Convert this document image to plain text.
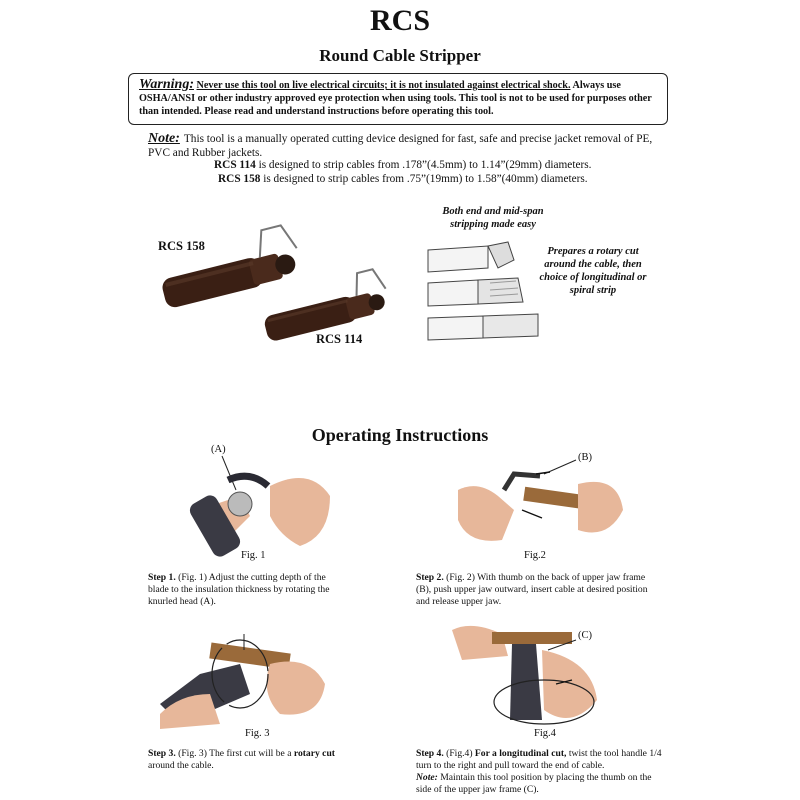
RCS
Round Cable Stripper
Warning: Never use this tool on live electrical circuits; it is not insulated against electrical shock. Always use OSHA/ANSI or other industry approved eye protection when using tools. This tool is not to be used for purposes other than intended. Please read and understand instructions before operating this tool.
Note: This tool is a manually operated cutting device designed for fast, safe and precise jacket removal of PE, PVC and Rubber jackets.
RCS 114 is designed to strip cables from .178”(4.5mm) to 1.14”(29mm) diameters.
RCS 158 is designed to strip cables from .75”(19mm) to 1.58”(40mm) diameters.
RCS 158
RCS 114
Both end and mid-span stripping made easy
Prepares a rotary cut around the cable, then choice of longitudinal or spiral strip
Operating Instructions
(A)
Fig. 1
Step 1. (Fig. 1) Adjust the cutting depth of the blade to the insulation thickness by rotating the knurled head (A).
(B)
Fig.2
Step 2. (Fig. 2) With thumb on the back of upper jaw frame (B), push upper jaw outward, insert cable at desired position and release upper jaw.
Fig. 3
Step 3. (Fig. 3) The first cut will be a rotary cut around the cable.
(C)
Fig.4
Step 4. (Fig.4) For a longitudinal cut, twist the tool handle 1/4 turn to the right and pull toward the end of cable.
Note: Maintain this tool position by placing the thumb on the side of the upper jaw frame (C).
